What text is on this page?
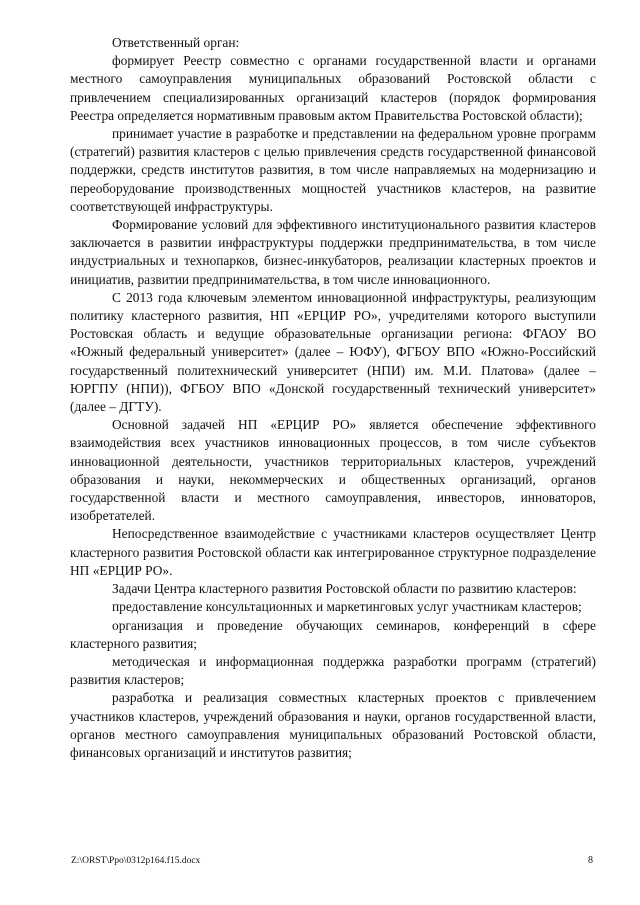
Ответственный орган:

формирует Реестр совместно с органами государственной власти и органами местного самоуправления муниципальных образований Ростовской области с привлечением специализированных организаций кластеров (порядок формирования Реестра определяется нормативным правовым актом Правительства Ростовской области);

принимает участие в разработке и представлении на федеральном уровне программ (стратегий) развития кластеров с целью привлечения средств государственной финансовой поддержки, средств институтов развития, в том числе направляемых на модернизацию и переоборудование производственных мощностей участников кластеров, на развитие соответствующей инфраструктуры.

Формирование условий для эффективного институционального развития кластеров заключается в развитии инфраструктуры поддержки предпринимательства, в том числе индустриальных и технопарков, бизнес-инкубаторов, реализации кластерных проектов и инициатив, развитии предпринимательства, в том числе инновационного.

С 2013 года ключевым элементом инновационной инфраструктуры, реализующим политику кластерного развития, НП «ЕРЦИР РО», учредителями которого выступили Ростовская область и ведущие образовательные организации региона: ФГАОУ ВО «Южный федеральный университет» (далее – ЮФУ), ФГБОУ ВПО «Южно-Российский государственный политехнический университет (НПИ) им. М.И. Платова» (далее – ЮРГПУ (НПИ)), ФГБОУ ВПО «Донской государственный технический университет» (далее – ДГТУ).

Основной задачей НП «ЕРЦИР РО» является обеспечение эффективного взаимодействия всех участников инновационных процессов, в том числе субъектов инновационной деятельности, участников территориальных кластеров, учреждений образования и науки, некоммерческих и общественных организаций, органов государственной власти и местного самоуправления, инвесторов, инноваторов, изобретателей.

Непосредственное взаимодействие с участниками кластеров осуществляет Центр кластерного развития Ростовской области как интегрированное структурное подразделение НП «ЕРЦИР РО».

Задачи Центра кластерного развития Ростовской области по развитию кластеров:

предоставление консультационных и маркетинговых услуг участникам кластеров;

организация и проведение обучающих семинаров, конференций в сфере кластерного развития;

методическая и информационная поддержка разработки программ (стратегий) развития кластеров;

разработка и реализация совместных кластерных проектов с привлечением участников кластеров, учреждений образования и науки, органов государственной власти, органов местного самоуправления муниципальных образований Ростовской области, финансовых организаций и институтов развития;

Z:\ORST\Ppo\0312p164.f15.docx	8
